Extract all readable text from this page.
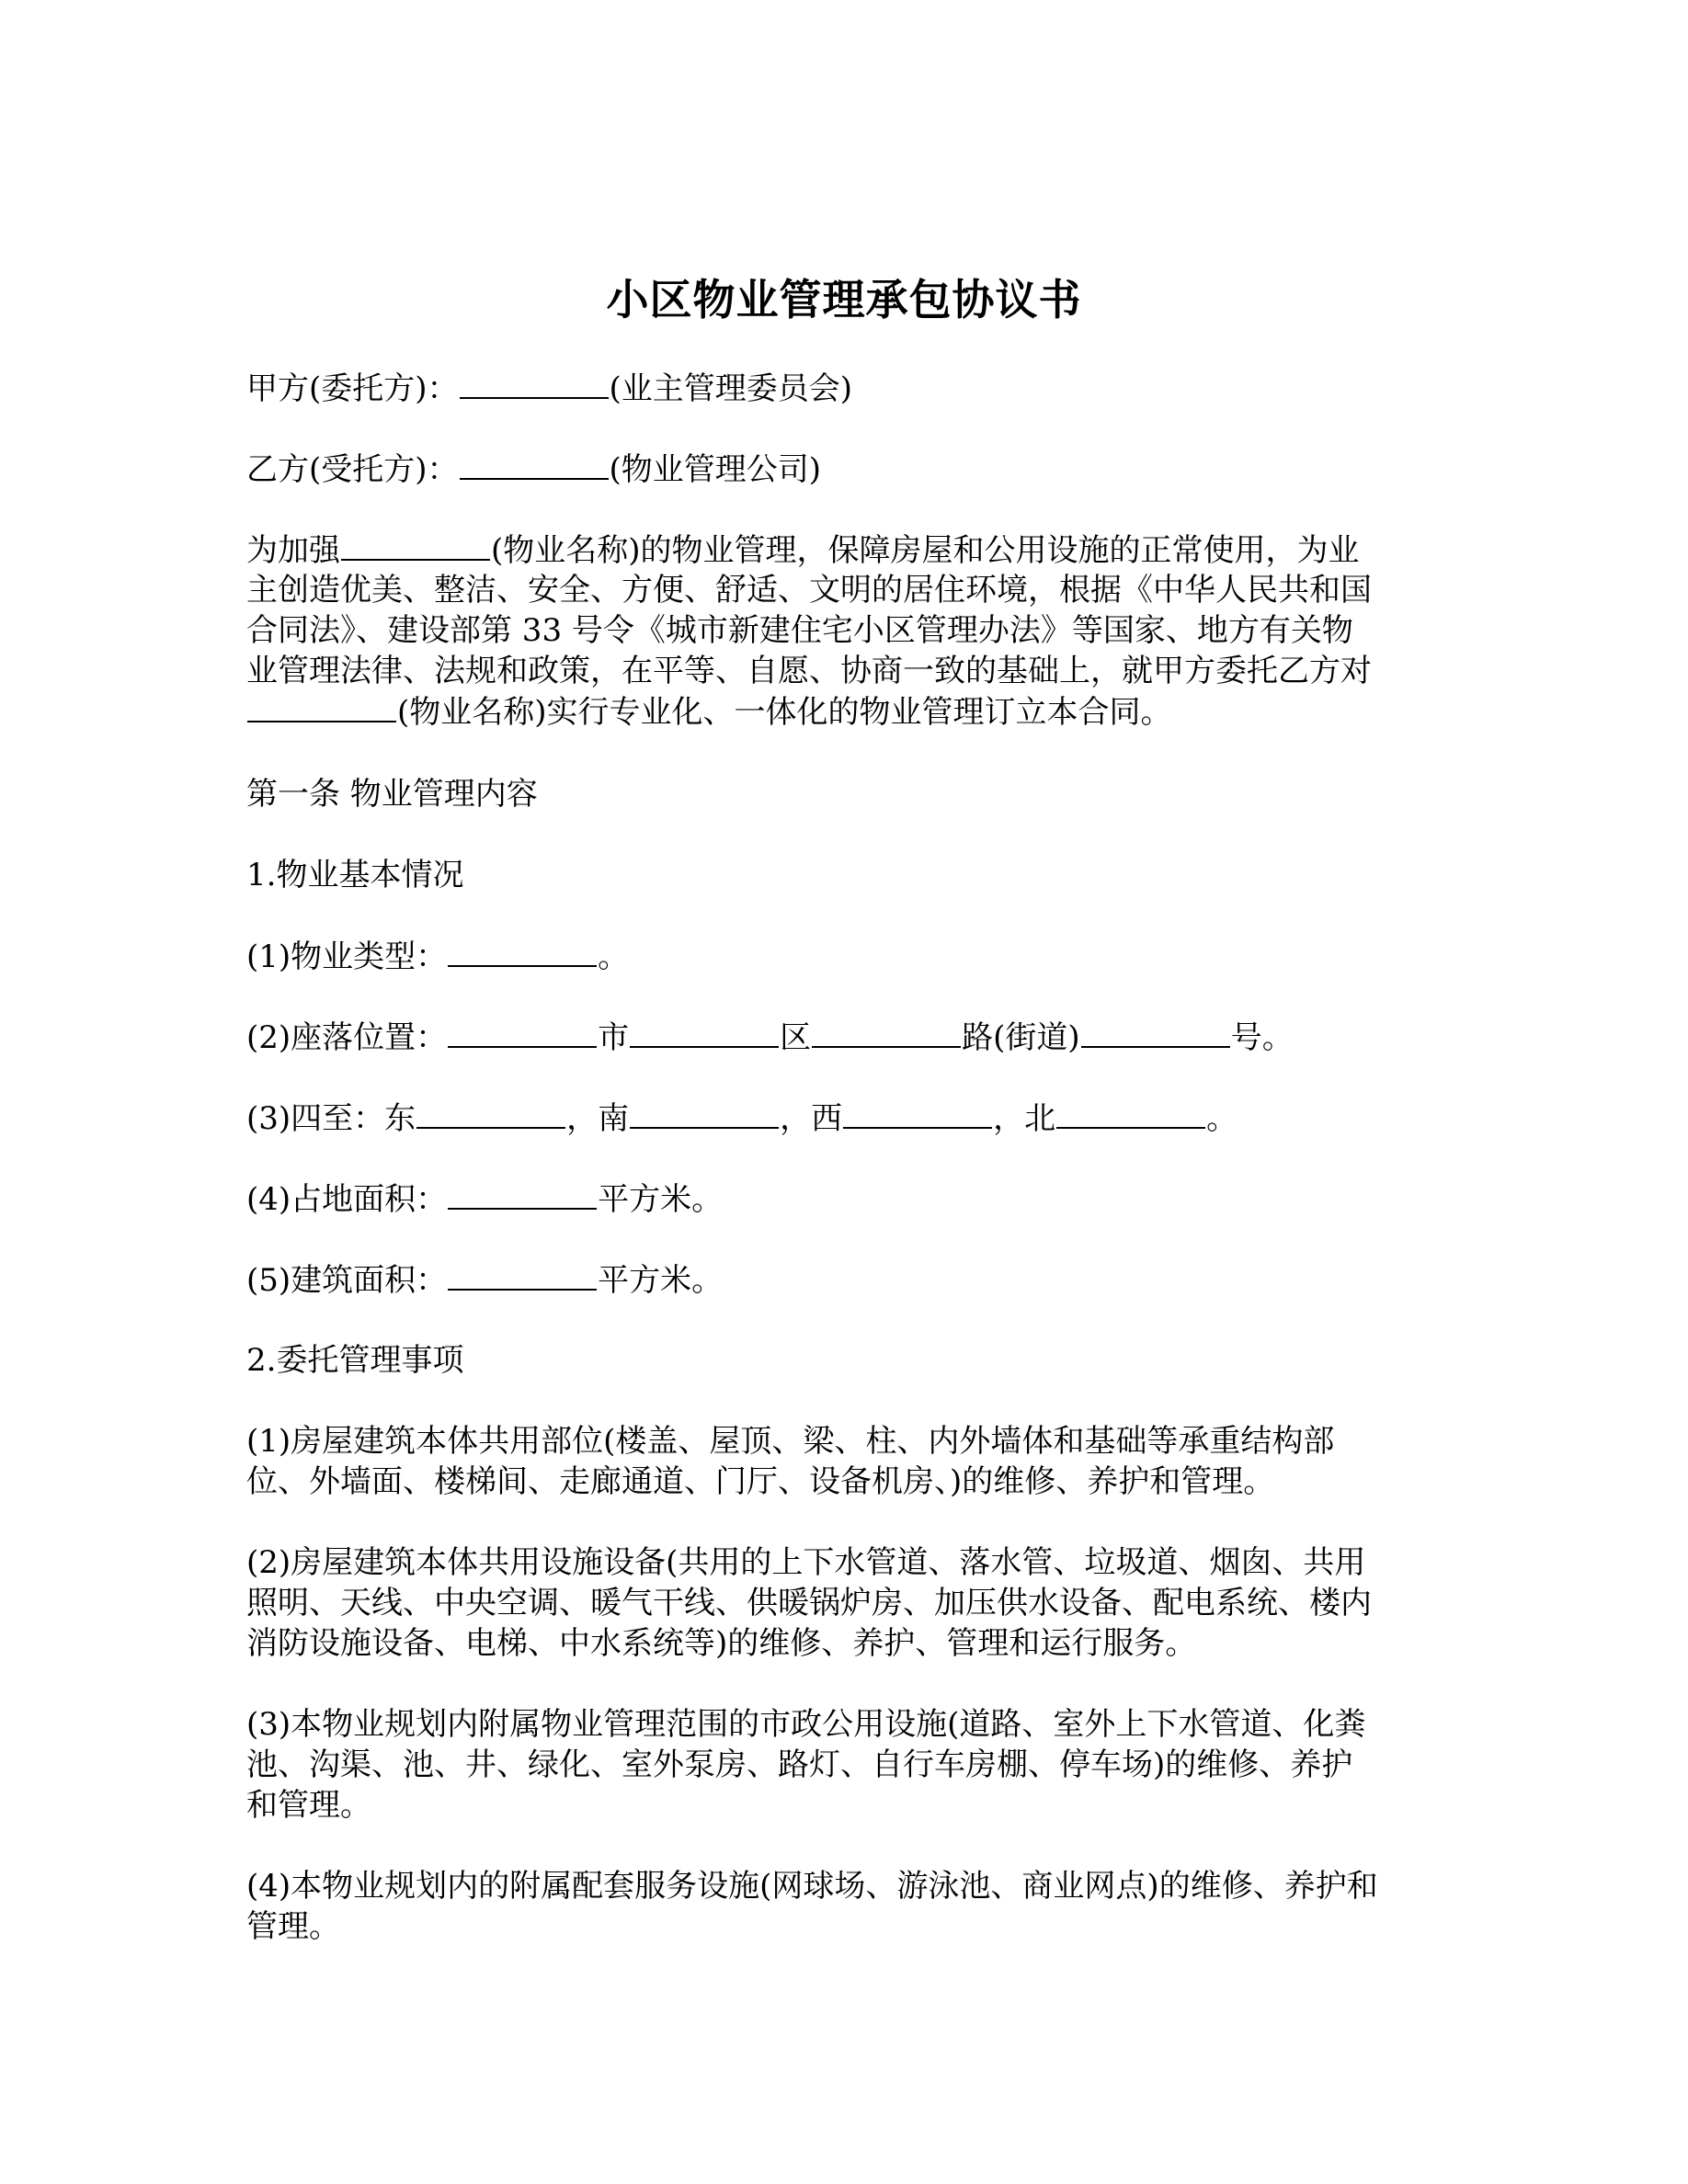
小区物业管理承包协议书
甲方(委托方)：	(业主管理委员会)
乙方(受托方)：	(物业管理公司)
为加强	(物业名称)的物业管理，保障房屋和公用设施的正常使用，为业
主创造优美、整洁、安全、方便、舒适、文明的居住环境，根据《中华人民共和国
合同法》、建设部第 33 号令《城市新建住宅小区管理办法》等国家、地方有关物
业管理法律、法规和政策，在平等、自愿、协商一致的基础上，就甲方委托乙方对
(物业名称)实行专业化、一体化的物业管理订立本合同。
第一条 物业管理内容
1.物业基本情况
(1)物业类型：	。
(2)座落位置：	市	区	路(街道)	号。
(3)四至：东	，南	，西	，北	。
(4)占地面积：	平方米。
(5)建筑面积：	平方米。
2.委托管理事项
(1)房屋建筑本体共用部位(楼盖、屋顶、梁、柱、内外墙体和基础等承重结构部
位、外墙面、楼梯间、走廊通道、门厅、设备机房、)的维修、养护和管理。
(2)房屋建筑本体共用设施设备(共用的上下水管道、落水管、垃圾道、烟囱、共用
照明、天线、中央空调、暖气干线、供暖锅炉房、加压供水设备、配电系统、楼内
消防设施设备、电梯、中水系统等)的维修、养护、管理和运行服务。
(3)本物业规划内附属物业管理范围的市政公用设施(道路、室外上下水管道、化粪
池、沟渠、池、井、绿化、室外泵房、路灯、自行车房棚、停车场)的维修、养护
和管理。
(4)本物业规划内的附属配套服务设施(网球场、游泳池、商业网点)的维修、养护和
管理。
